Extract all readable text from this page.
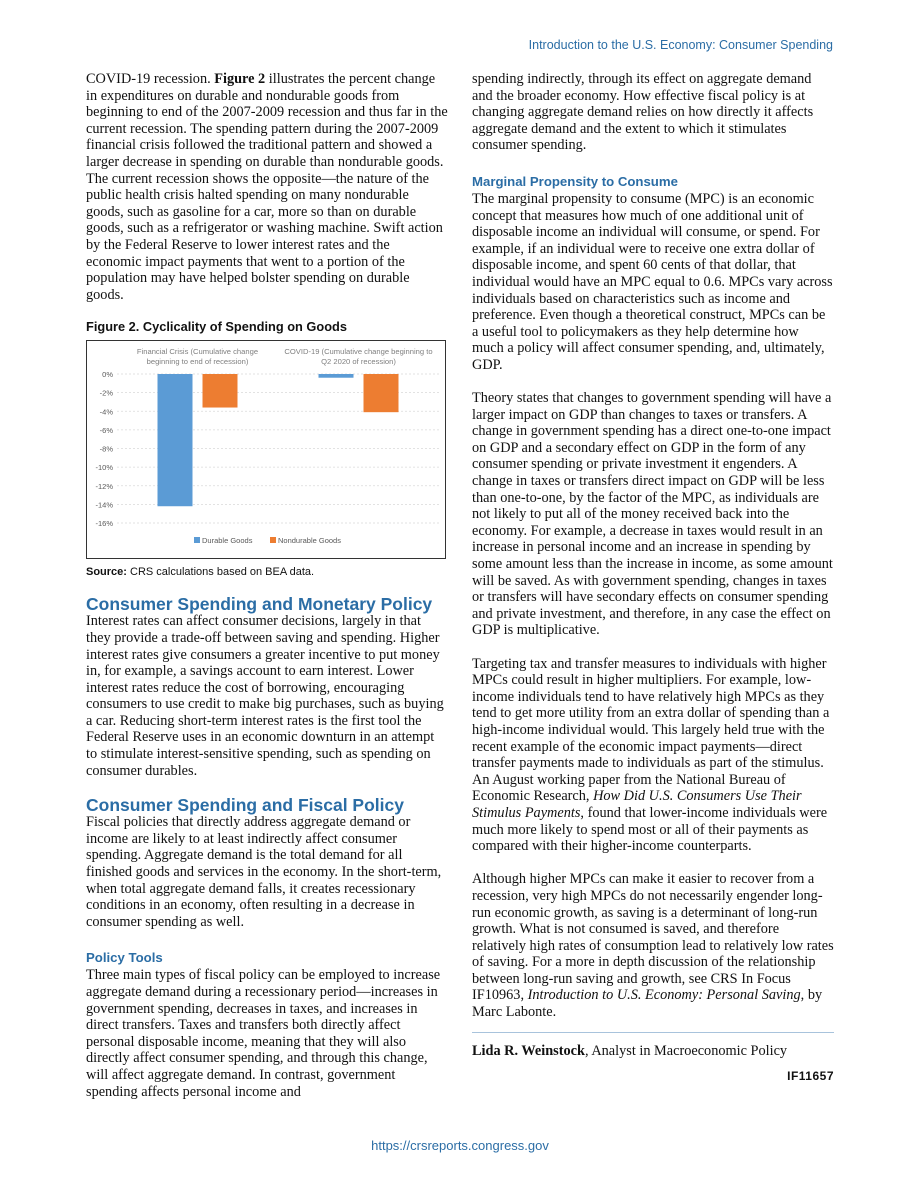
Introduction to the U.S. Economy: Consumer Spending

COVID-19 recession. Figure 2 illustrates the percent change in expenditures on durable and nondurable goods from beginning to end of the 2007-2009 recession and thus far in the current recession. The spending pattern during the 2007-2009 financial crisis followed the traditional pattern and showed a larger decrease in spending on durable than nondurable goods. The current recession shows the opposite—the nature of the public health crisis halted spending on many nondurable goods, such as gasoline for a car, more so than on durable goods, such as a refrigerator or washing machine. Swift action by the Federal Reserve to lower interest rates and the economic impact payments that went to a portion of the population may have helped bolster spending on durable goods.

Figure 2. Cyclicality of Spending on Goods
0%
-2%
-4%
-6%
-8%
-10%
-12%
-14%
-16%
Financial Crisis (Cumulative change
beginning to end of recession)
COVID-19 (Cumulative change beginning to
Q2 2020 of recession)
Durable Goods	Nondurable Goods
Source: CRS calculations based on BEA data.
Consumer Spending and Monetary Policy

Interest rates can affect consumer decisions, largely in that they provide a trade-off between saving and spending. Higher interest rates give consumers a greater incentive to put money in, for example, a savings account to earn interest. Lower interest rates reduce the cost of borrowing, encouraging consumers to use credit to make big purchases, such as buying a car. Reducing short-term interest rates is the first tool the Federal Reserve uses in an economic downturn in an attempt to stimulate interest-sensitive spending, such as spending on consumer durables.

Consumer Spending and Fiscal Policy

Fiscal policies that directly address aggregate demand or income are likely to at least indirectly affect consumer spending. Aggregate demand is the total demand for all finished goods and services in the economy. In the short-term, when total aggregate demand falls, it creates recessionary conditions in an economy, often resulting in a decrease in consumer spending as well.

Policy Tools

Three main types of fiscal policy can be employed to increase aggregate demand during a recessionary period—increases in government spending, decreases in taxes, and increases in direct transfers. Taxes and transfers both directly affect personal disposable income, meaning that they will also directly affect consumer spending, and through this change, will affect aggregate demand. In contrast, government spending affects personal income and

spending indirectly, through its effect on aggregate demand and the broader economy. How effective fiscal policy is at changing aggregate demand relies on how directly it affects aggregate demand and the extent to which it stimulates consumer spending.

Marginal Propensity to Consume

The marginal propensity to consume (MPC) is an economic concept that measures how much of one additional unit of disposable income an individual will consume, or spend. For example, if an individual were to receive one extra dollar of disposable income, and spent 60 cents of that dollar, that individual would have an MPC equal to 0.6. MPCs vary across individuals based on characteristics such as income and preference. Even though a theoretical construct, MPCs can be a useful tool to policymakers as they help determine how much a policy will affect consumer spending, and, ultimately, GDP.

Theory states that changes to government spending will have a larger impact on GDP than changes to taxes or transfers. A change in government spending has a direct one-to-one impact on GDP and a secondary effect on GDP in the form of any consumer spending or private investment it engenders. A change in taxes or transfers direct impact on GDP will be less than one-to-one, by the factor of the MPC, as individuals are not likely to put all of the money received back into the economy. For example, a decrease in taxes would result in an increase in personal income and an increase in spending by some amount less than the increase in income, as some amount will be saved. As with government spending, changes in taxes or transfers will have secondary effects on consumer spending and private investment, and therefore, in any case the effect on GDP is multiplicative.

Targeting tax and transfer measures to individuals with higher MPCs could result in higher multipliers. For example, low-income individuals tend to have relatively high MPCs as they tend to get more utility from an extra dollar of spending than a high-income individual would. This largely held true with the recent example of the economic impact payments—direct transfer payments made to individuals as part of the stimulus. An August working paper from the National Bureau of Economic Research, How Did U.S. Consumers Use Their Stimulus Payments, found that lower-income individuals were much more likely to spend most or all of their payments as compared with their higher-income counterparts.

Although higher MPCs can make it easier to recover from a recession, very high MPCs do not necessarily engender long-run economic growth, as saving is a determinant of long-run growth. What is not consumed is saved, and therefore relatively high rates of consumption lead to relatively low rates of saving. For a more in depth discussion of the relationship between long-run saving and growth, see CRS In Focus IF10963, Introduction to U.S. Economy: Personal Saving, by Marc Labonte.

Lida R. Weinstock, Analyst in Macroeconomic Policy

IF11657
https://crsreports.congress.gov
